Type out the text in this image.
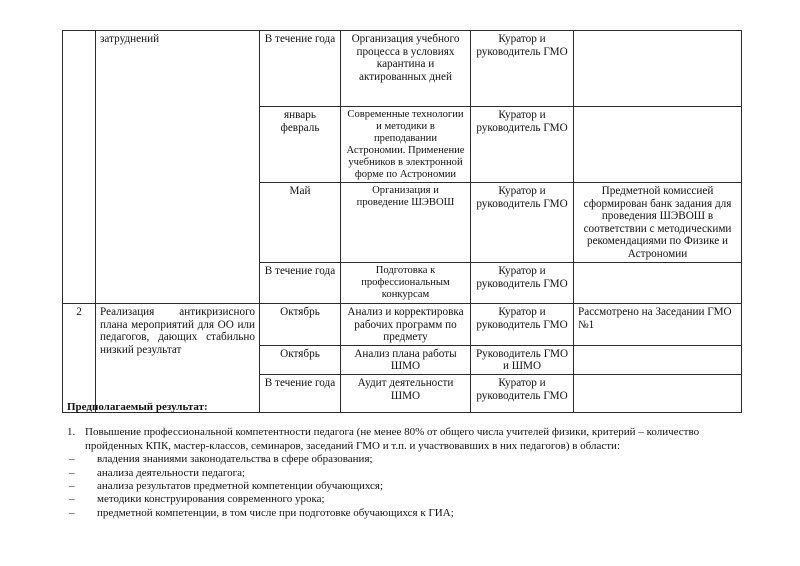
	затруднений	В течение года	Организация учебного процесса в условиях карантина и актированных дней	Куратор и руководитель ГМО	
		январь февраль	Современные технологии и методики в преподавании Астрономии. Применение учебников в электронной форме по Астрономии	Куратор и руководитель ГМО	
		Май	Организация и проведение ШЭВОШ	Куратор и руководитель ГМО	Предметной комиссией сформирован банк задания для проведения ШЭВОШ в соответствии с методическими рекомендациями по Физике и Астрономии
		В течение года	Подготовка к профессиональным конкурсам	Куратор и руководитель ГМО	
2	Реализация антикризисного плана мероприятий для ОО или педагогов, дающих стабильно низкий результат	Октябрь	Анализ и корректировка рабочих программ по предмету	Куратор и руководитель ГМО	Рассмотрено на Заседании ГМО №1
		Октябрь	Анализ плана работы ШМО	Руководитель ГМО и ШМО	
		В течение года	Аудит деятельности ШМО	Куратор и руководитель ГМО	
Предполагаемый результат:
1. Повышение профессиональной компетентности педагога (не менее 80% от общего числа учителей физики, критерий – количество пройденных КПК, мастер-классов, семинаров, заседаний ГМО и т.п. и участвовавших в них педагогов) в области:
–	владения знаниями законодательства в сфере образования;
–	анализа деятельности педагога;
–	анализа результатов предметной компетенции обучающихся;
–	методики конструирования современного урока;
–	предметной компетенции, в том числе при подготовке обучающихся к ГИА;
